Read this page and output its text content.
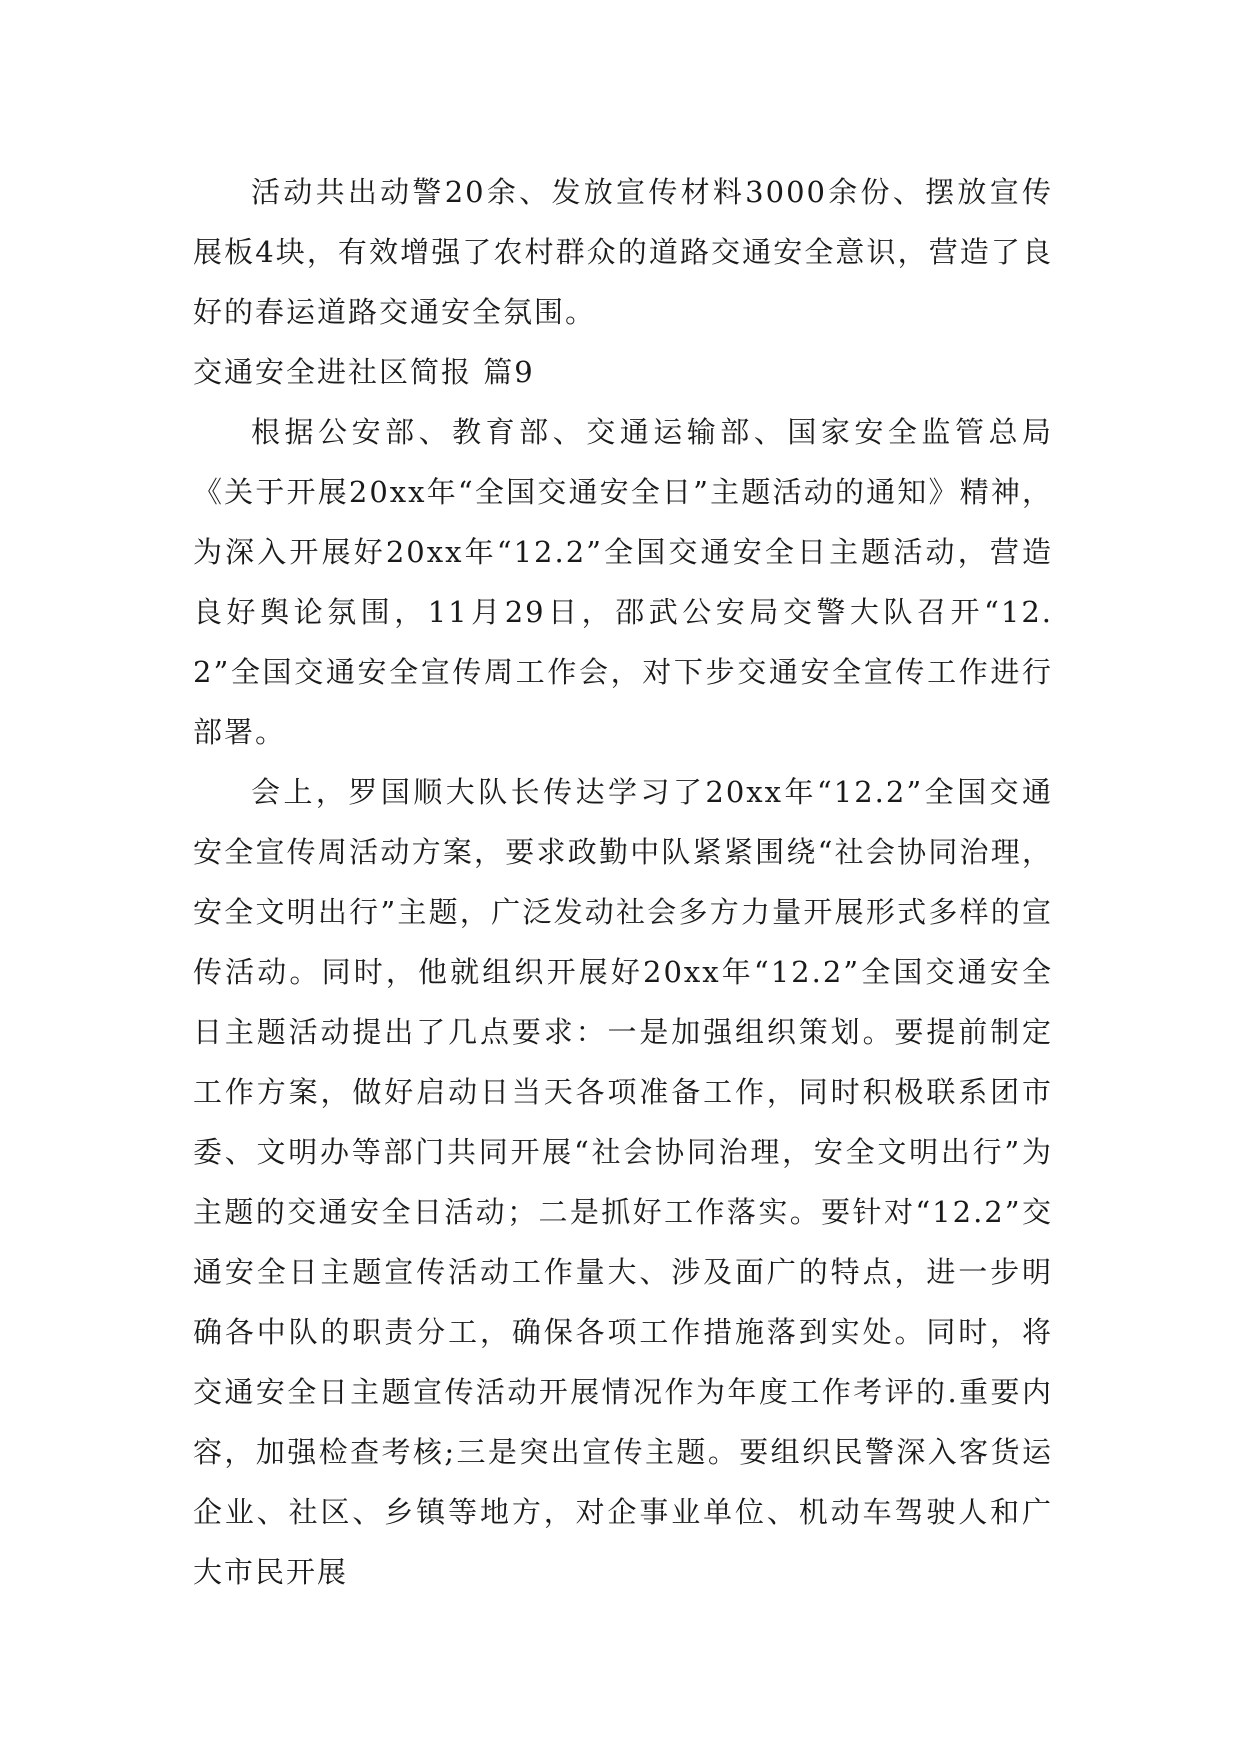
活动共出动警20余、发放宣传材料3000余份、摆放宣传展板4块，有效增强了农村群众的道路交通安全意识，营造了良好的春运道路交通安全氛围。

交通安全进社区简报 篇9

根据公安部、教育部、交通运输部、国家安全监管总局《关于开展20xx年“全国交通安全日”主题活动的通知》精神，为深入开展好20xx年“12.2”全国交通安全日主题活动，营造良好舆论氛围，11月29日，邵武公安局交警大队召开“12.2”全国交通安全宣传周工作会，对下步交通安全宣传工作进行部署。

会上，罗国顺大队长传达学习了20xx年“12.2”全国交通安全宣传周活动方案，要求政勤中队紧紧围绕“社会协同治理，安全文明出行”主题，广泛发动社会多方力量开展形式多样的宣传活动。同时，他就组织开展好20xx年“12.2”全国交通安全日主题活动提出了几点要求：一是加强组织策划。要提前制定工作方案，做好启动日当天各项准备工作，同时积极联系团市委、文明办等部门共同开展“社会协同治理，安全文明出行”为主题的交通安全日活动；二是抓好工作落实。要针对“12.2”交通安全日主题宣传活动工作量大、涉及面广的特点，进一步明确各中队的职责分工，确保各项工作措施落到实处。同时，将交通安全日主题宣传活动开展情况作为年度工作考评的.重要内容，加强检查考核;三是突出宣传主题。要组织民警深入客货运企业、社区、乡镇等地方，对企事业单位、机动车驾驶人和广大市民开展
